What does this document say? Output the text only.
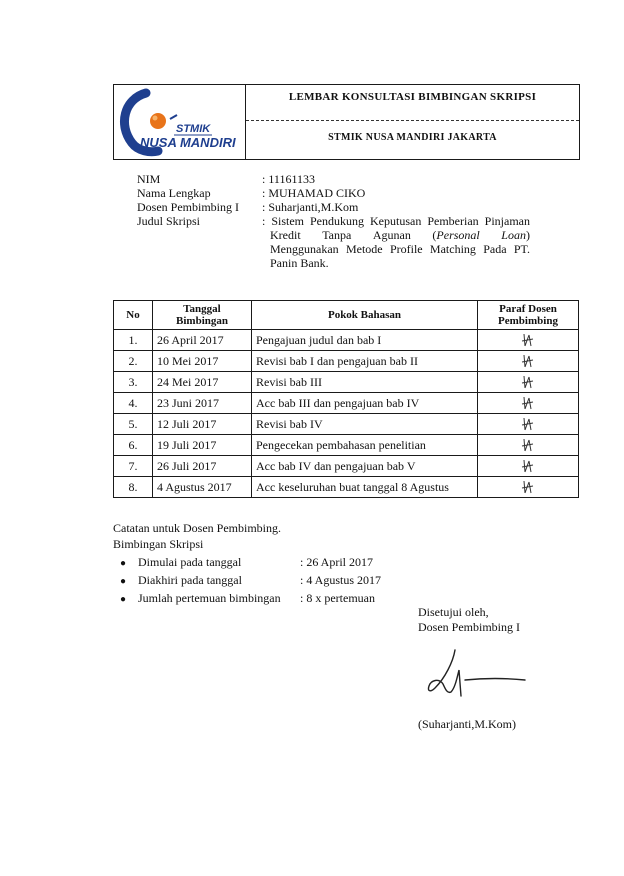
STMIK
NUSA MANDIRI
LEMBAR KONSULTASI BIMBINGAN SKRIPSI
STMIK NUSA MANDIRI JAKARTA
NIM	: 11161133
Nama Lengkap	: MUHAMAD CIKO
Dosen Pembimbing I : Suharjanti,M.Kom
Judul Skripsi	: Sistem Pendukung Keputusan Pemberian Pinjaman
Kredit Tanpa Agunan (Personal Loan)
Menggunakan Metode Profile Matching Pada PT.
Panin Bank.
No	Tanggal Bimbingan	Pokok Bahasan	Paraf Dosen Pembimbing
1.	26 April 2017	Pengajuan judul dan bab I	
2.	10 Mei 2017	Revisi bab I dan pengajuan bab II	
3.	24 Mei 2017	Revisi bab III	
4.	23 Juni 2017	Acc bab III dan pengajuan bab IV	
5.	12 Juli 2017	Revisi bab IV	
6.	19 Juli 2017	Pengecekan pembahasan penelitian	
7.	26 Juli 2017	Acc bab IV dan pengajuan bab V	
8.	4 Agustus 2017	Acc keseluruhan buat tanggal 8 Agustus	
Catatan untuk Dosen Pembimbing.
Bimbingan Skripsi
● Dimulai pada tanggal	: 26 April 2017
● Diakhiri pada tanggal	: 4 Agustus 2017
● Jumlah pertemuan bimbingan : 8 x pertemuan
Disetujui oleh,
Dosen Pembimbing I
(Suharjanti,M.Kom)
